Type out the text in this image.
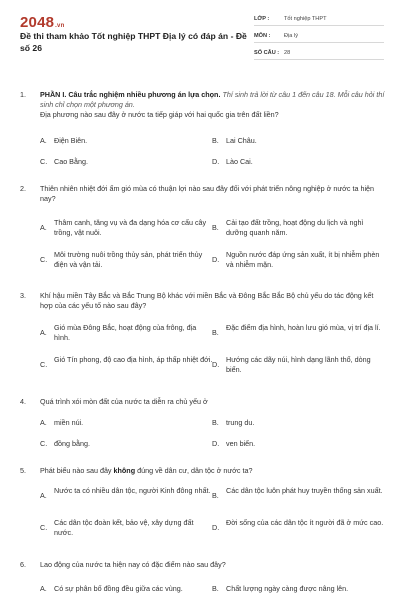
2048.vn
Đề thi tham khảo Tốt nghiệp THPT Địa lý có đáp án - Đề số 26
LỚP :	Tốt nghiệp THPT
MÔN :	Địa lý
SỐ CÂU : 28
1.	PHẦN I. Câu trắc nghiệm nhiều phương án lựa chọn. Thí sinh trả lời từ câu 1 đến câu 18. Mỗi câu hỏi thí sinh chỉ chọn một phương án.
Địa phương nào sau đây ở nước ta tiếp giáp với hai quốc gia trên đất liền?
A. Điện Biên.	B. Lai Châu.
C. Cao Bằng.	D. Lào Cai.
2.	Thiên nhiên nhiệt đới ẩm gió mùa có thuận lợi nào sau đây đối với phát triển nông nghiệp ở nước ta hiện nay?
A.
Thâm canh, tăng vụ và đa dạng hóa cơ cấu cây trồng, vật nuôi.
B.
Cải tạo đất trồng, hoạt động du lịch và nghỉ dưỡng quanh năm.
C.
Môi trường nuôi trồng thủy sản, phát triển thủy điện và vận tải.
D.
Nguồn nước đáp ứng sản xuất, ít bị nhiễm phèn và nhiễm mặn.
3.	Khí hậu miền Tây Bắc và Bắc Trung Bộ khác với miền Bắc và Đông Bắc Bắc Bộ chủ yếu do tác động kết hợp của các yếu tố nào sau đây?
A.
Gió mùa Đông Bắc, hoạt động của frông, địa hình.
B.
Đặc điểm địa hình, hoàn lưu gió mùa, vị trí địa lí.
C.
Gió Tín phong, độ cao địa hình, áp thấp nhiệt đới.
D.
Hướng các dãy núi, hình dạng lãnh thổ, dòng biển.
4.	Quá trình xói mòn đất của nước ta diễn ra chủ yếu ở
A. miền núi.	B. trung du.
C. đồng bằng.	D. ven biển.
5.	Phát biểu nào sau đây không đúng về dân cư, dân tộc ở nước ta?
A.
Nước ta có nhiều dân tộc, người Kinh đông nhất.
B.
Các dân tộc luôn phát huy truyền thống sản xuất.
C.
Các dân tộc đoàn kết, bảo vệ, xây dựng đất nước.
D.
Đời sống của các dân tộc ít người đã ở mức cao.
6.	Lao động của nước ta hiện nay có đặc điểm nào sau đây?
A. Có sự phân bố đồng đều giữa các vùng.	B. Chất lượng ngày càng được nâng lên.
